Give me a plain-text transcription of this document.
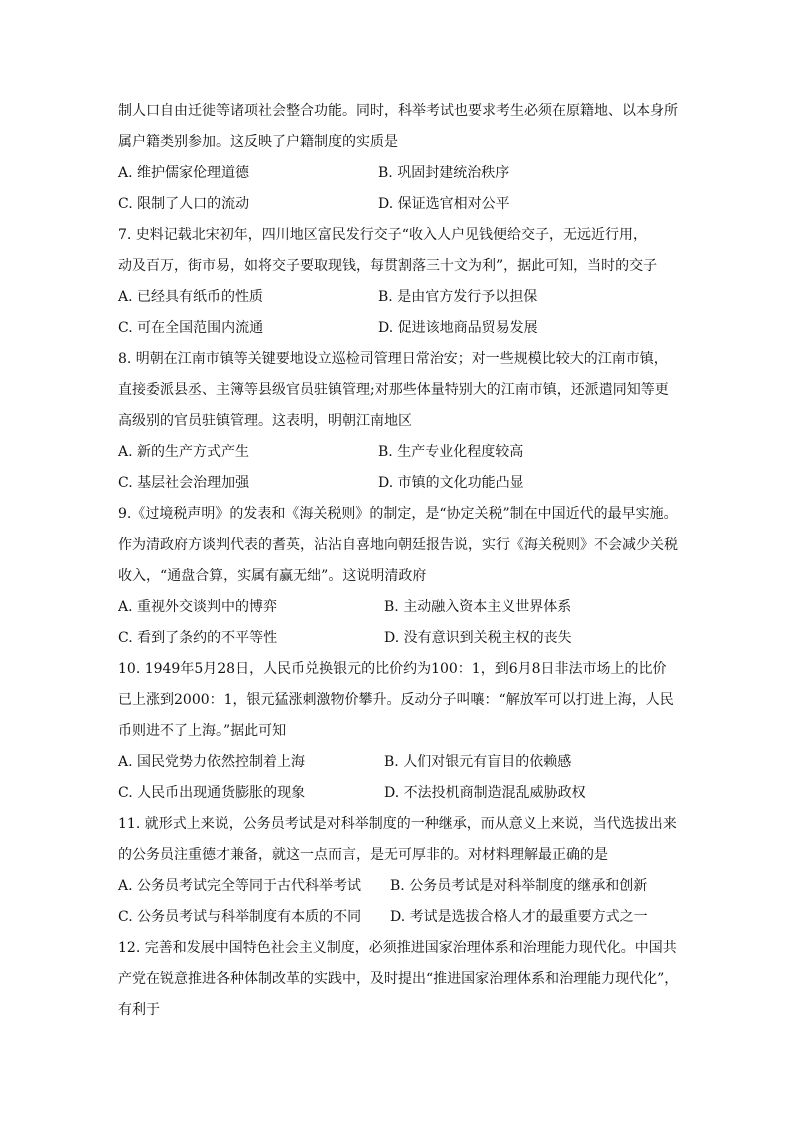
制人口自由迁徙等诸项社会整合功能。同时，科举考试也要求考生必须在原籍地、以本身所
属户籍类别参加。这反映了户籍制度的实质是
A. 维护儒家伦理道德	B. 巩固封建统治秩序
C. 限制了人口的流动	D. 保证选官相对公平
7. 史料记载北宋初年，四川地区富民发行交子“收入人户见钱便给交子，无远近行用，
动及百万，街市易，如将交子要取现钱，每贯割落三十文为利”，据此可知，当时的交子
A. 已经具有纸币的性质	B. 是由官方发行予以担保
C. 可在全国范围内流通	D. 促进该地商品贸易发展
8. 明朝在江南市镇等关键要地设立巡检司管理日常治安；对一些规模比较大的江南市镇，
直接委派县丞、主簿等县级官员驻镇管理;对那些体量特别大的江南市镇，还派遣同知等更
高级别的官员驻镇管理。这表明，明朝江南地区
A. 新的生产方式产生	B. 生产专业化程度较高
C. 基层社会治理加强	D. 市镇的文化功能凸显
9.《过境税声明》的发表和《海关税则》的制定，是“协定关税”制在中国近代的最早实施。
作为清政府方谈判代表的耆英，沾沾自喜地向朝廷报告说，实行《海关税则》不会减少关税
收入，“通盘合算，实属有赢无绌”。这说明清政府
A. 重视外交谈判中的博弈	B. 主动融入资本主义世界体系
C. 看到了条约的不平等性	D. 没有意识到关税主权的丧失
10. 1949年5月28日，人民币兑换银元的比价约为100：1，到6月8日非法市场上的比价
已上涨到2000：1，银元猛涨刺激物价攀升。反动分子叫嚷：“解放军可以打进上海，人民
币则进不了上海。”据此可知
A. 国民党势力依然控制着上海	B. 人们对银元有盲目的依赖感
C. 人民币出现通货膨胀的现象	D. 不法投机商制造混乱威胁政权
11. 就形式上来说，公务员考试是对科举制度的一种继承，而从意义上来说，当代选拔出来
的公务员注重德才兼备，就这一点而言，是无可厚非的。对材料理解最正确的是
A. 公务员考试完全等同于古代科举考试 B. 公务员考试是对科举制度的继承和创新
C. 公务员考试与科举制度有本质的不同 D. 考试是选拔合格人才的最重要方式之一
12. 完善和发展中国特色社会主义制度，必须推进国家治理体系和治理能力现代化。中国共
产党在锐意推进各种体制改革的实践中，及时提出“推进国家治理体系和治理能力现代化”，
有利于
